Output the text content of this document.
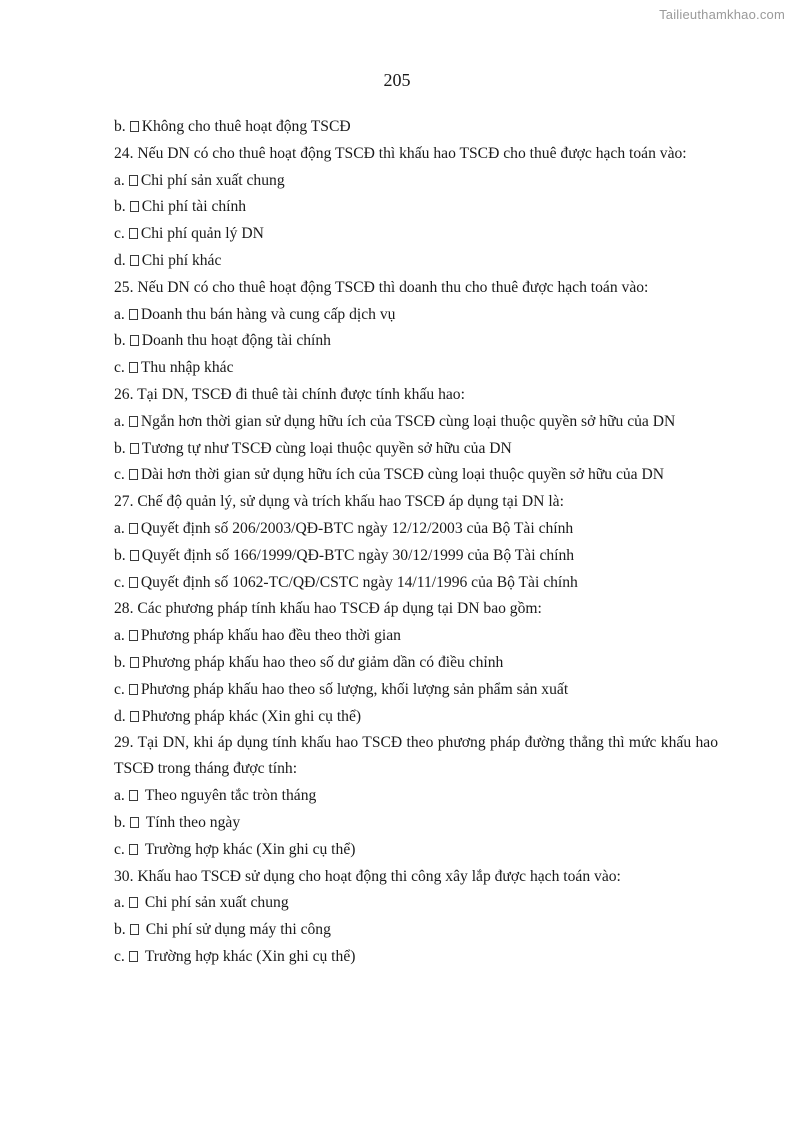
Tailieuthamkhao.com
205
b. Không cho thuê hoạt động TSCĐ
24. Nếu DN có cho thuê hoạt động TSCĐ thì khấu hao TSCĐ cho thuê được hạch toán vào:
a. Chi phí sản xuất chung
b. Chi phí tài chính
c. Chi phí quản lý DN
d. Chi phí khác
25. Nếu DN có cho thuê hoạt động TSCĐ thì doanh thu cho thuê được hạch toán vào:
a. Doanh thu bán hàng và cung cấp dịch vụ
b. Doanh thu hoạt động tài chính
c. Thu nhập khác
26. Tại DN, TSCĐ đi thuê tài chính được tính khấu hao:
a. Ngắn hơn thời gian sử dụng hữu ích của TSCĐ cùng loại thuộc quyền sở hữu của DN
b. Tương tự như TSCĐ cùng loại thuộc quyền sở hữu của DN
c. Dài hơn thời gian sử dụng hữu ích của TSCĐ cùng loại thuộc quyền sở hữu của DN
27. Chế độ quản lý, sử dụng và trích khấu hao TSCĐ áp dụng tại DN là:
a. Quyết định số 206/2003/QĐ-BTC ngày 12/12/2003 của Bộ Tài chính
b. Quyết định số 166/1999/QĐ-BTC ngày 30/12/1999 của Bộ Tài chính
c. Quyết định số 1062-TC/QĐ/CSTC ngày 14/11/1996 của Bộ Tài chính
28. Các phương pháp tính khấu hao TSCĐ áp dụng tại DN bao gồm:
a. Phương pháp khấu hao đều theo thời gian
b. Phương pháp khấu hao theo số dư giảm dần có điều chỉnh
c. Phương pháp khấu hao theo số lượng, khối lượng sản phẩm sản xuất
d. Phương pháp khác (Xin ghi cụ thể)
29. Tại DN, khi áp dụng tính khấu hao TSCĐ theo phương pháp đường thẳng thì mức khấu hao TSCĐ trong tháng được tính:
a. Theo nguyên tắc tròn tháng
b. Tính theo ngày
c. Trường hợp khác (Xin ghi cụ thể)
30. Khấu hao TSCĐ sử dụng cho hoạt động thi công xây lắp được hạch toán vào:
a. Chi phí sản xuất chung
b. Chi phí sử dụng máy thi công
c. Trường hợp khác (Xin ghi cụ thể)
